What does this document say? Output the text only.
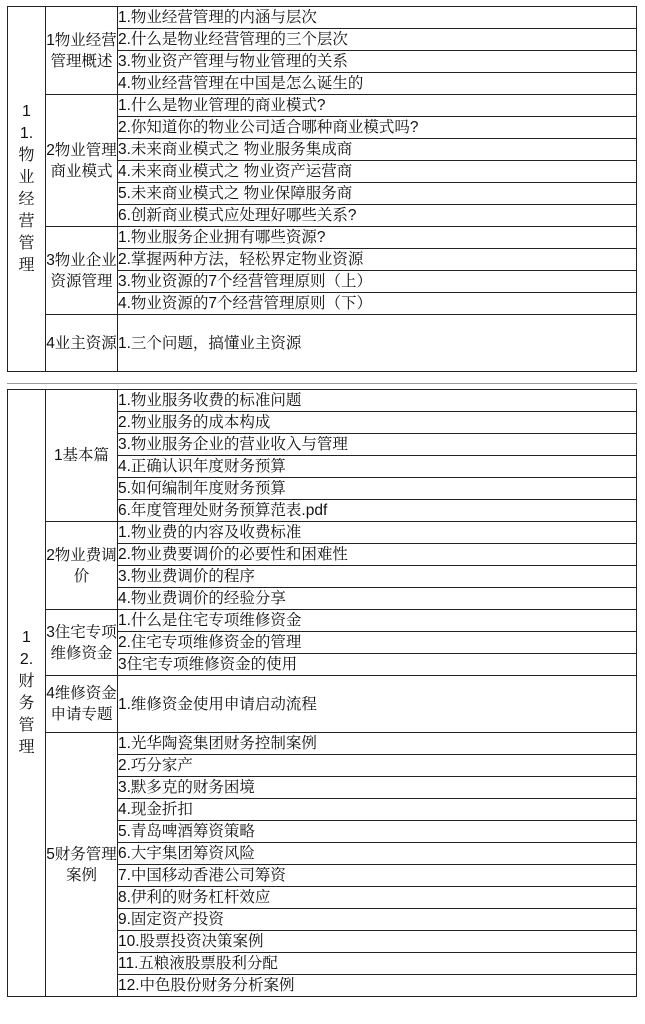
11.物业经营管理	1物业经营管理概述	1.物业经营管理的内涵与层次
		2.什么是物业经营管理的三个层次
		3.物业资产管理与物业管理的关系
		4.物业经营管理在中国是怎么诞生的
	2物业管理商业模式	1.什么是物业管理的商业模式?
		2.你知道你的物业公司适合哪种商业模式吗?
		3.未来商业模式之 物业服务集成商
		4.未来商业模式之 物业资产运营商
		5.未来商业模式之 物业保障服务商
		6.创新商业模式应处理好哪些关系?
	3物业企业资源管理	1.物业服务企业拥有哪些资源?
		2.掌握两种方法，轻松界定物业资源
		3.物业资源的7个经营管理原则（上）
		4.物业资源的7个经营管理原则（下）
	4业主资源	1.三个问题，搞懂业主资源
12.财务管理	1基本篇	1.物业服务收费的标准问题
		2.物业服务的成本构成
		3.物业服务企业的营业收入与管理
		4.正确认识年度财务预算
		5.如何编制年度财务预算
		6.年度管理处财务预算范表.pdf
	2物业费调价	1.物业费的内容及收费标准
		2.物业费要调价的必要性和困难性
		3.物业费调价的程序
		4.物业费调价的经验分享
	3住宅专项维修资金	1.什么是住宅专项维修资金
		2.住宅专项维修资金的管理
		3住宅专项维修资金的使用
	4维修资金申请专题	1.维修资金使用申请启动流程
	5财务管理案例	1.光华陶瓷集团财务控制案例
		2.巧分家产
		3.默多克的财务困境
		4.现金折扣
		5.青岛啤酒筹资策略
		6.大宇集团筹资风险
		7.中国移动香港公司筹资
		8.伊利的财务杠杆效应
		9.固定资产投资
		10.股票投资决策案例
		11.五粮液股票股利分配
		12.中色股份财务分析案例
